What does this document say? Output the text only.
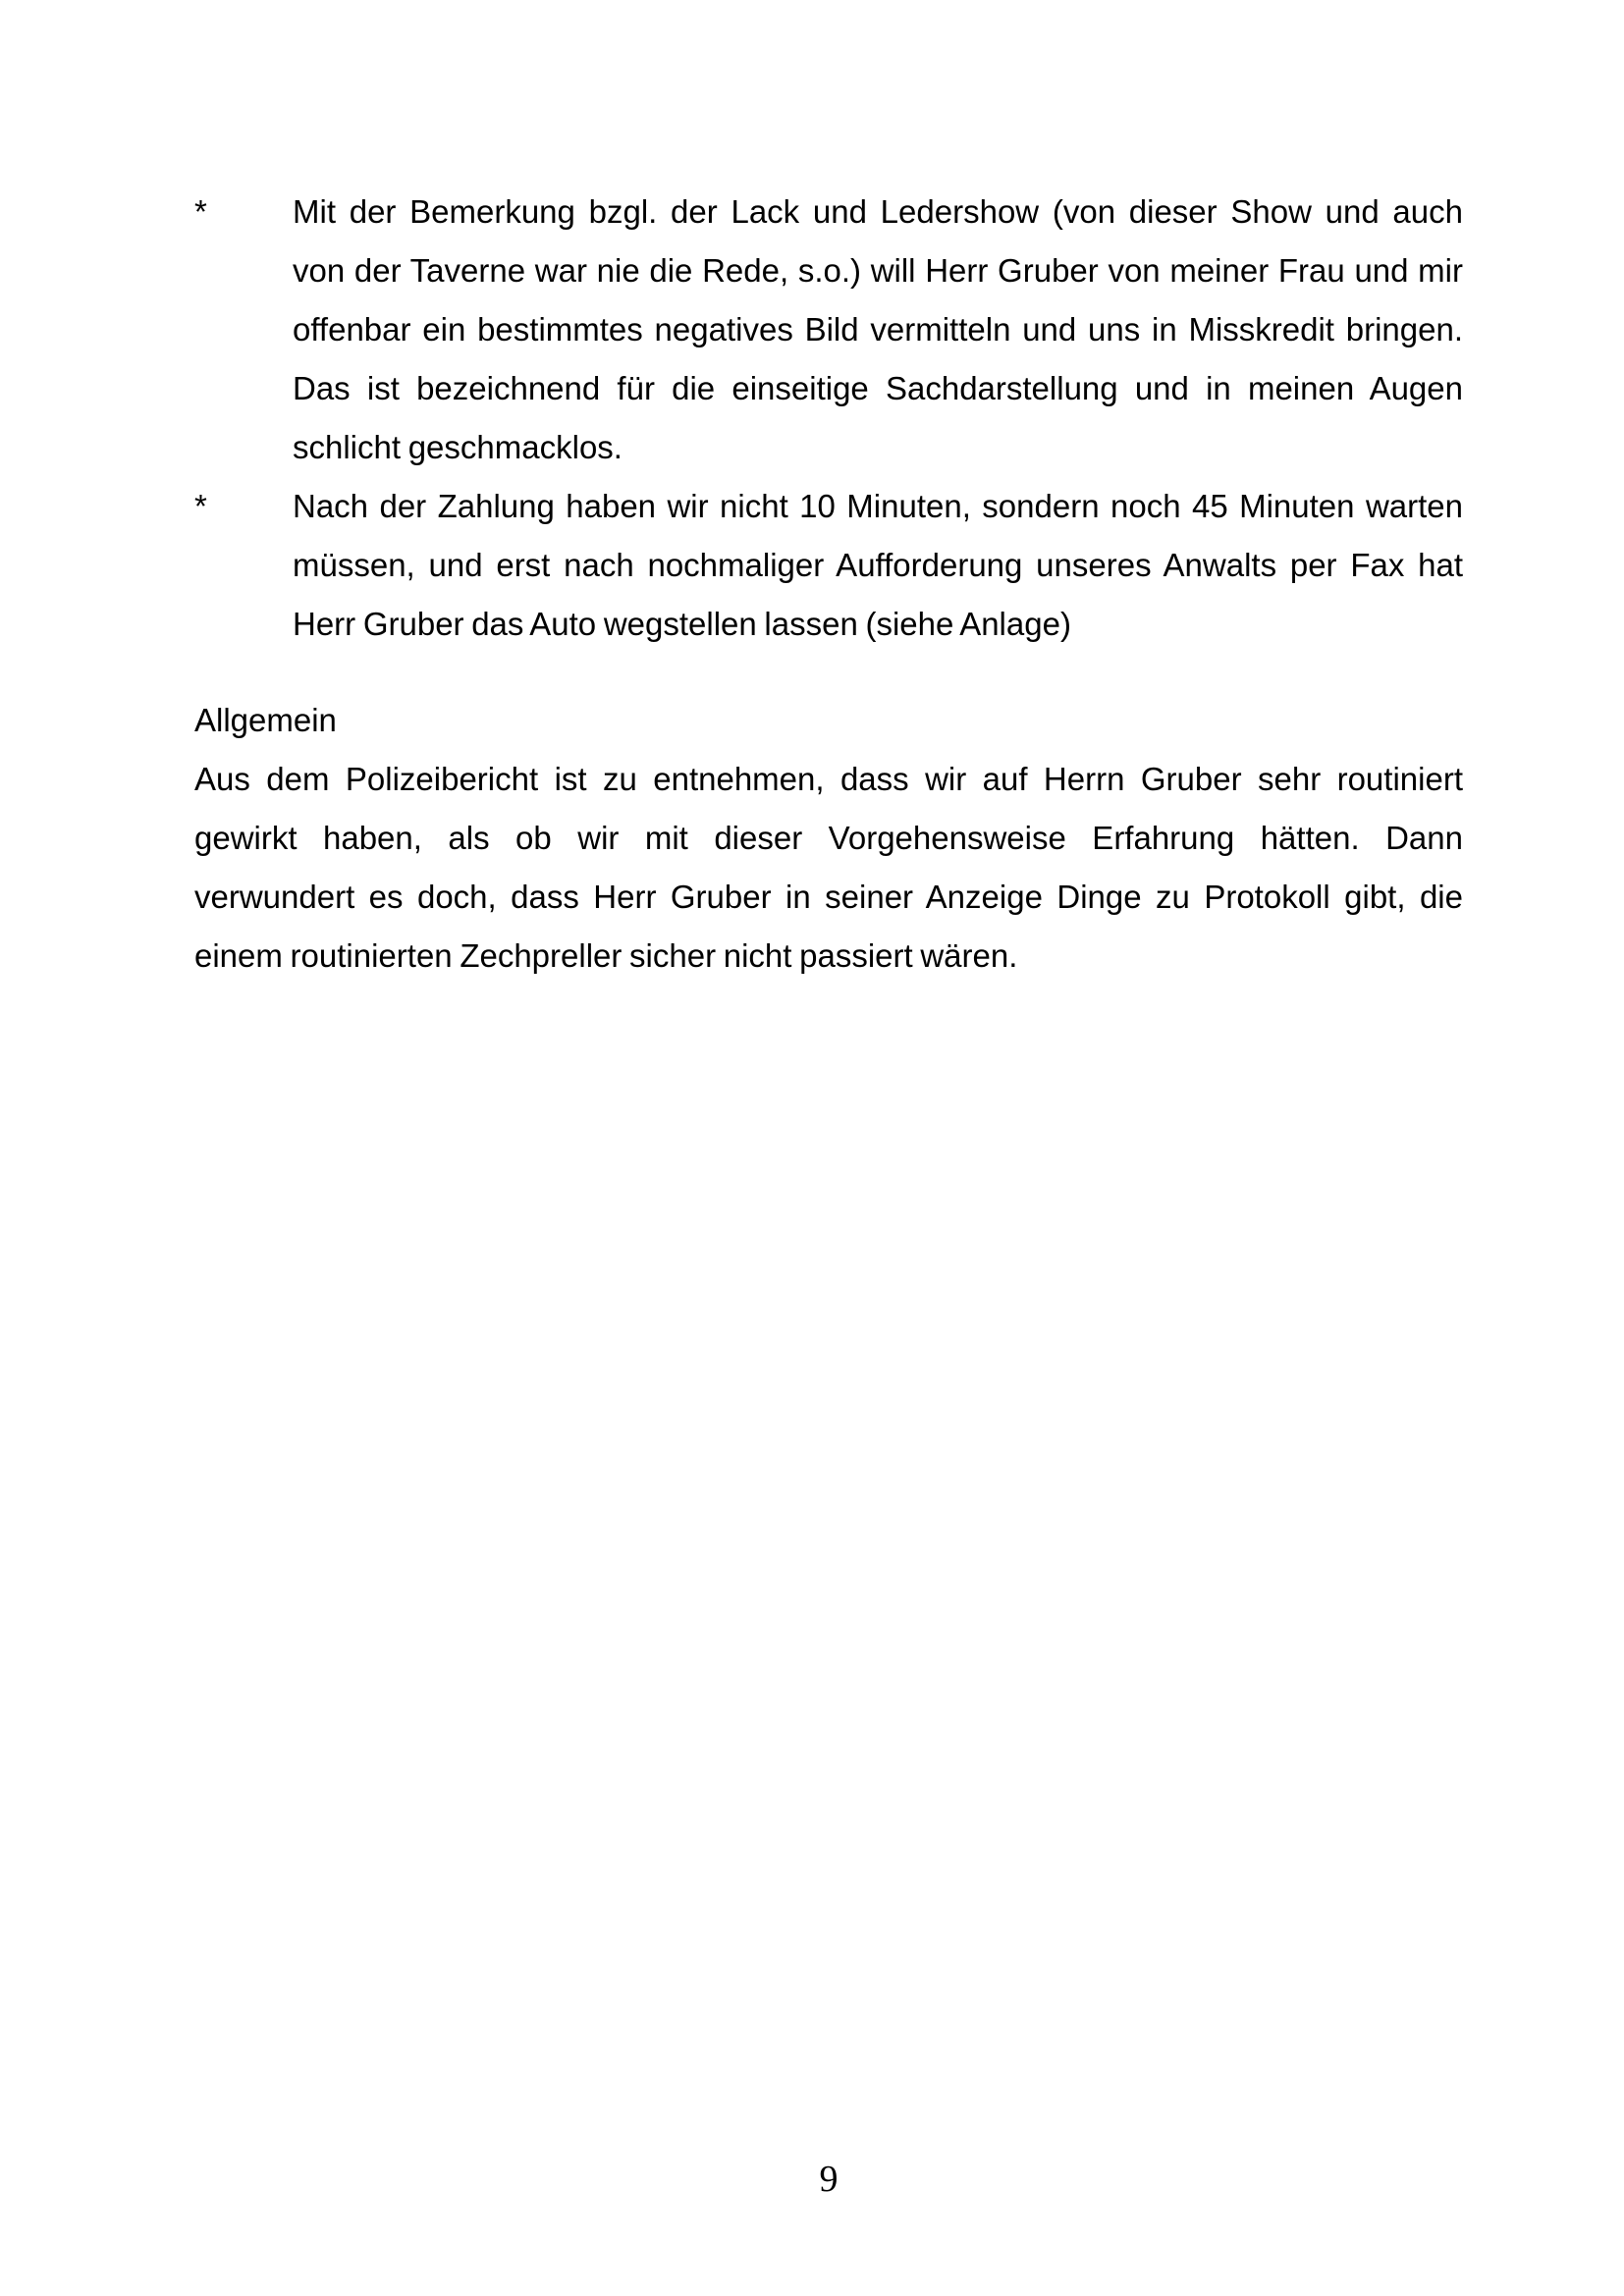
*	Mit der Bemerkung bzgl. der Lack und Ledershow (von dieser Show und auch
von der Taverne war nie die Rede, s.o.) will Herr Gruber von meiner Frau und mir
offenbar ein bestimmtes negatives Bild vermitteln und uns in Misskredit bringen.
Das ist bezeichnend für die einseitige Sachdarstellung und in meinen Augen
schlicht geschmacklos.
*	Nach der Zahlung haben wir nicht 10 Minuten, sondern noch 45 Minuten warten
müssen, und erst nach nochmaliger Aufforderung unseres Anwalts per Fax hat
Herr Gruber das Auto wegstellen lassen (siehe Anlage)
Allgemein
Aus dem Polizeibericht ist zu entnehmen, dass wir auf Herrn Gruber sehr routiniert
gewirkt haben, als ob wir mit dieser Vorgehensweise Erfahrung hätten. Dann
verwundert es doch, dass Herr Gruber in seiner Anzeige Dinge zu Protokoll gibt, die
einem routinierten Zechpreller sicher nicht passiert wären.
9
